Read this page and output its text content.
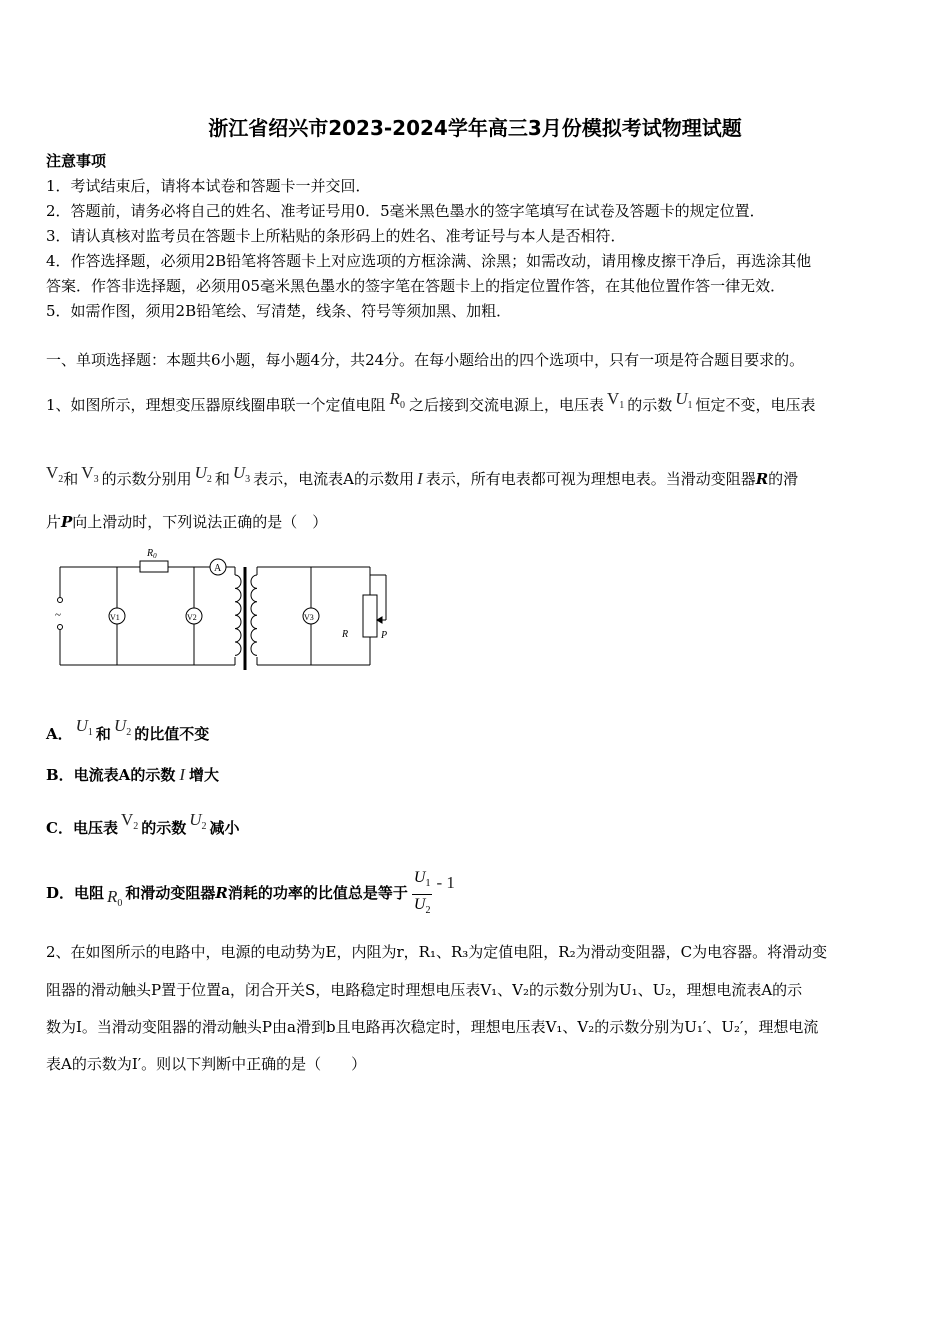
浙江省绍兴市2023-2024学年高三3月份模拟考试物理试题
注意事项
1．考试结束后，请将本试卷和答题卡一并交回．
2．答题前，请务必将自己的姓名、准考证号用0．5毫米黑色墨水的签字笔填写在试卷及答题卡的规定位置．
3．请认真核对监考员在答题卡上所粘贴的条形码上的姓名、准考证号与本人是否相符．
4．作答选择题，必须用2B铅笔将答题卡上对应选项的方框涂满、涂黑；如需改动，请用橡皮擦干净后，再选涂其他
答案．作答非选择题，必须用05毫米黑色墨水的签字笔在答题卡上的指定位置作答，在其他位置作答一律无效．
5．如需作图，须用2B铅笔绘、写清楚，线条、符号等须加黑、加粗．
一、单项选择题：本题共6小题，每小题4分，共24分。在每小题给出的四个选项中，只有一项是符合题目要求的。
1、如图所示，理想变压器原线圈串联一个定值电阻 $R_0$ 之后接到交流电源上，电压表 $V_1$ 的示数 $U_1$ 恒定不变，电压表
$V_2$和 $V_3$ 的示数分别用 $U_2$ 和 $U_3$ 表示，电流表A的示数用 I 表示，所有电表都可视为理想电表。当滑动变阻器R的滑
片P向上滑动时，下列说法正确的是（　）
$R_0$
A
V1	V2	V3
R	P
~
A． $U_1$ 和 $U_2$ 的比值不变
B．电流表A的示数 I 增大
C．电压表 $V_2$ 的示数 $U_2$ 减小
D．电阻 $R_0$和滑动变阻器R消耗的功率的比值总是等于 $\frac{U_1}{U_2} - 1$
2、在如图所示的电路中，电源的电动势为E，内阻为r，R₁、R₃为定值电阻，R₂为滑动变阻器，C为电容器。将滑动变
阻器的滑动触头P置于位置a，闭合开关S，电路稳定时理想电压表V₁、V₂的示数分别为U₁、U₂，理想电流表A的示
数为I。当滑动变阻器的滑动触头P由a滑到b且电路再次稳定时，理想电压表V₁、V₂的示数分别为U₁′、U₂′，理想电流
表A的示数为I′。则以下判断中正确的是（　　）
